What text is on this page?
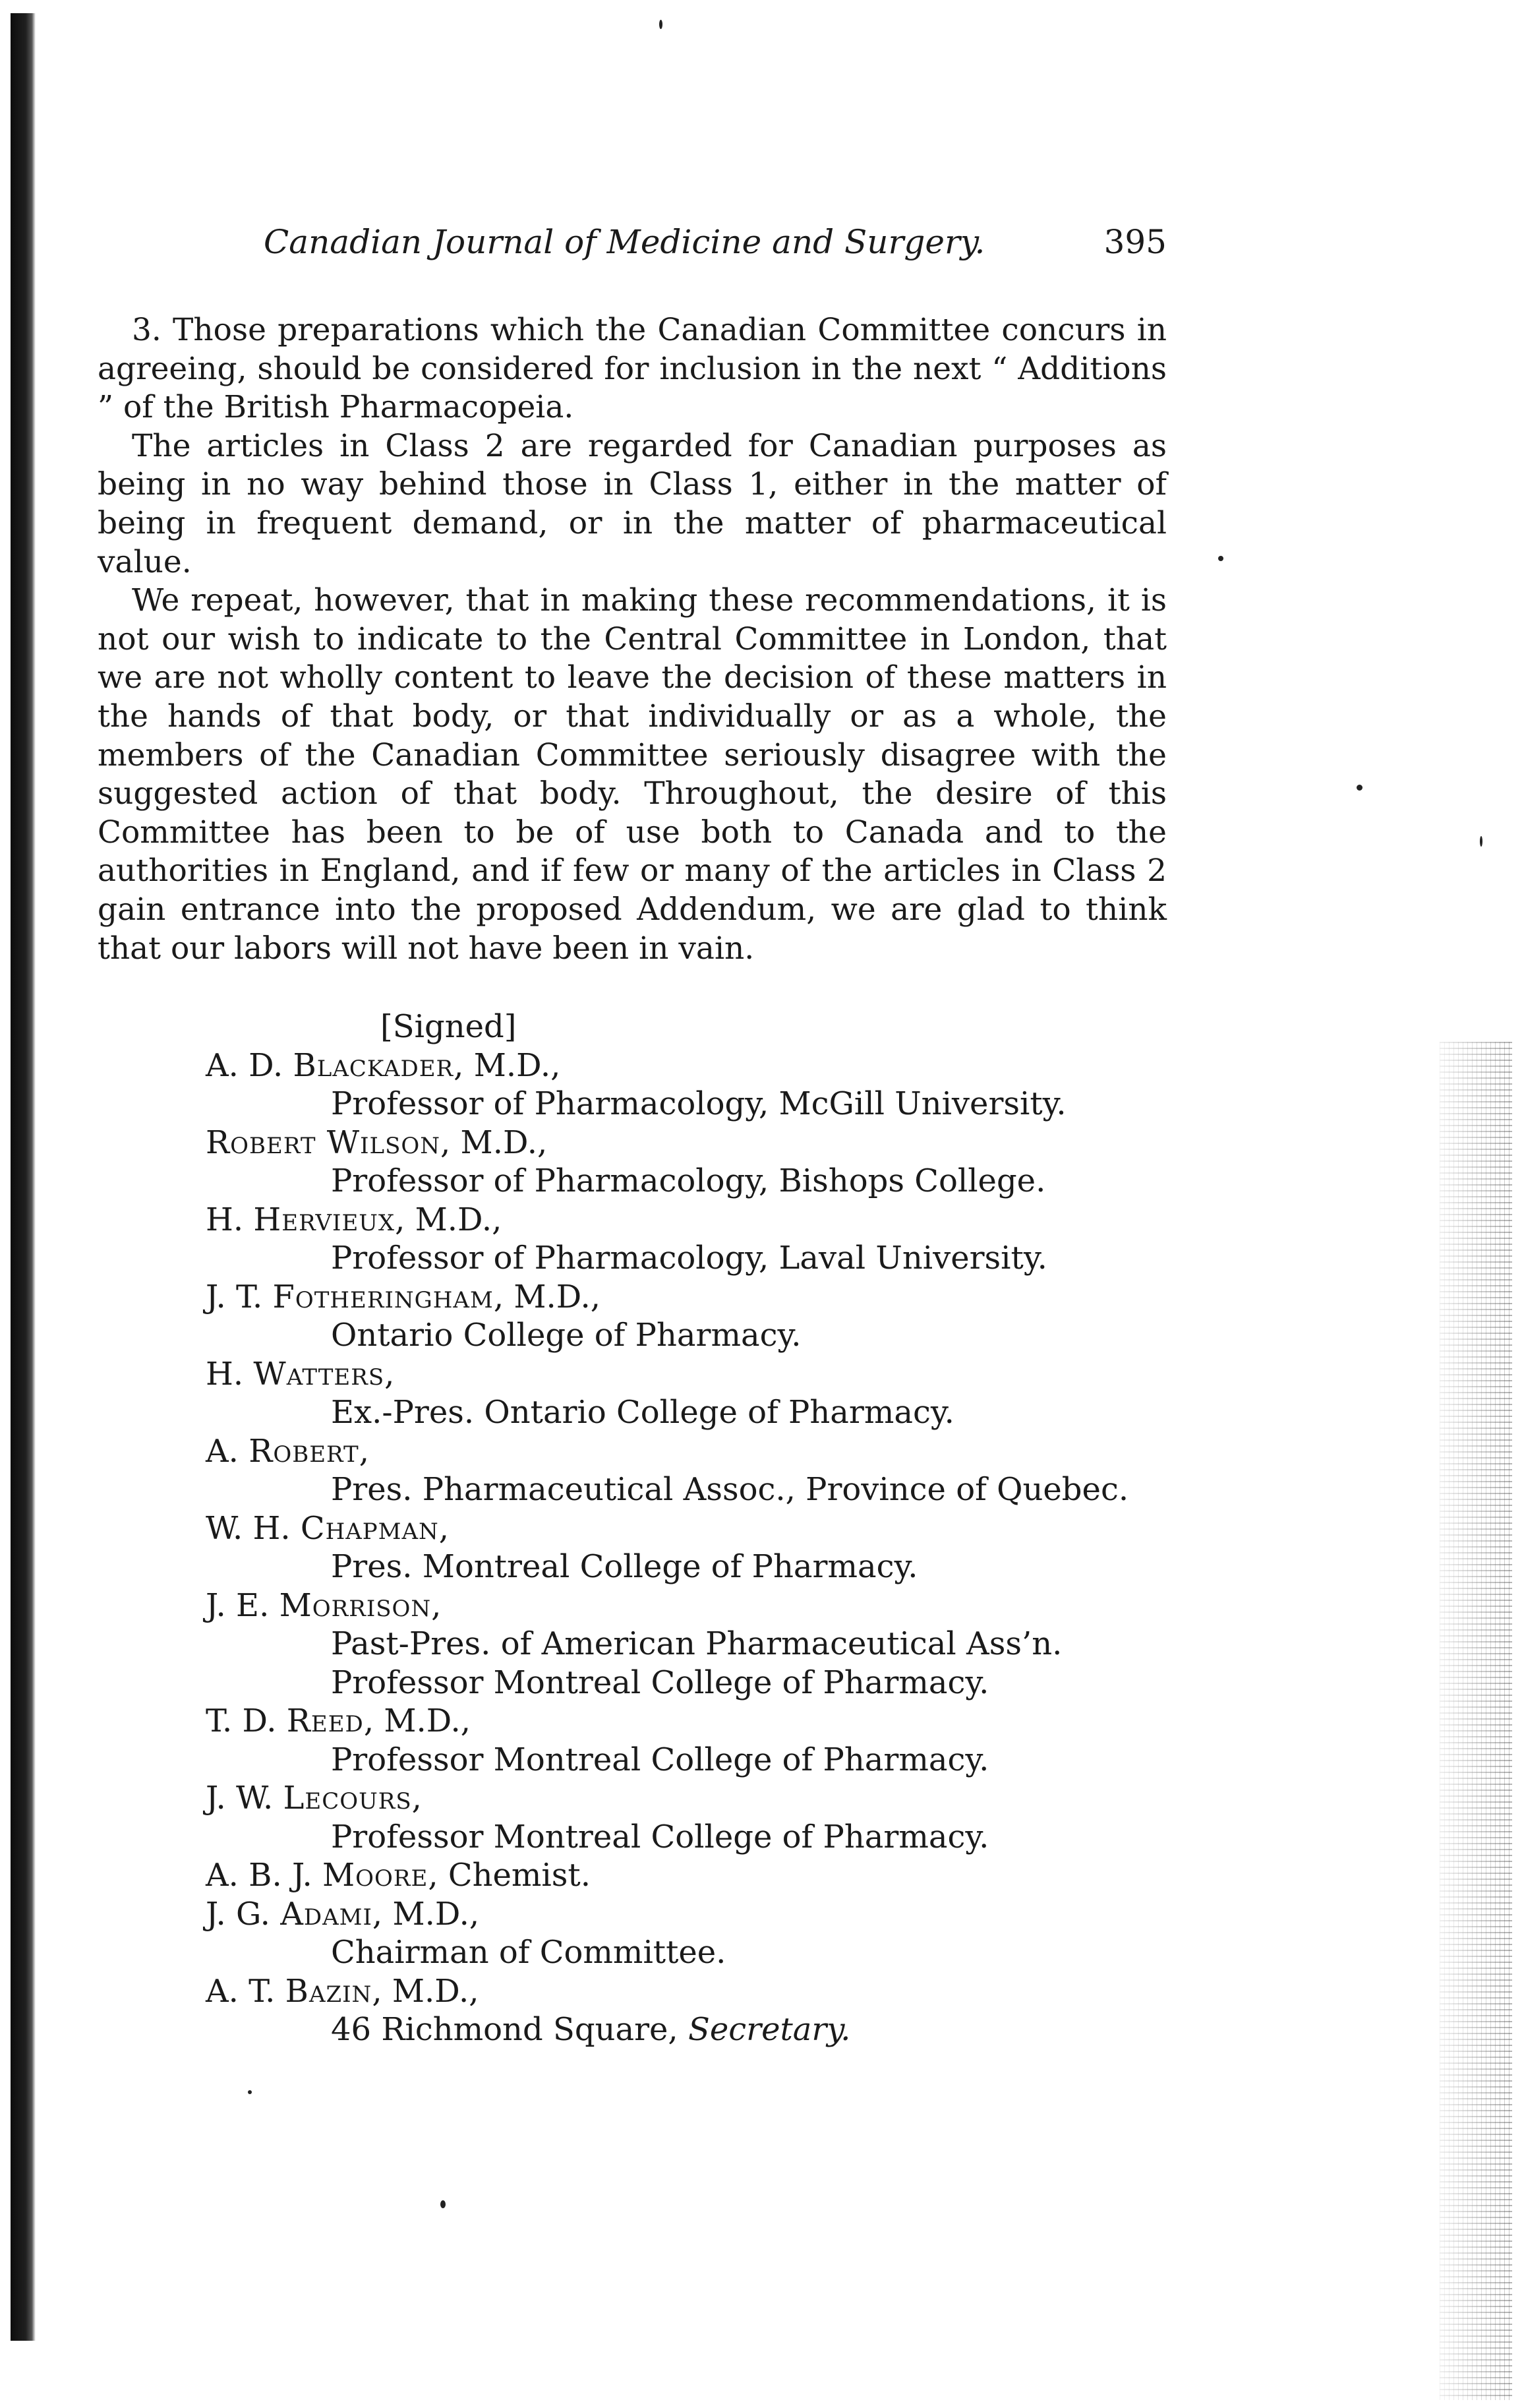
Canadian Journal of Medicine and Surgery.	395

3. Those preparations which the Canadian Committee concurs in agreeing, should be considered for inclusion in the next “ Additions ” of the British Pharmacopeia.

The articles in Class 2 are regarded for Canadian purposes as being in no way behind those in Class 1, either in the matter of being in frequent demand, or in the matter of pharmaceutical value.

We repeat, however, that in making these recommendations, it is not our wish to indicate to the Central Committee in London, that we are not wholly content to leave the decision of these matters in the hands of that body, or that individually or as a whole, the members of the Canadian Committee seriously disagree with the suggested action of that body. Throughout, the desire of this Committee has been to be of use both to Canada and to the authorities in England, and if few or many of the articles in Class 2 gain entrance into the proposed Addendum, we are glad to think that our labors will not have been in vain.

[Signed]
A. D. Blackader, M.D.,
Professor of Pharmacology, McGill University.
Robert Wilson, M.D.,
Professor of Pharmacology, Bishops College.
H. Hervieux, M.D.,
Professor of Pharmacology, Laval University.
J. T. Fotheringham, M.D.,
Ontario College of Pharmacy.
H. Watters,
Ex.-Pres. Ontario College of Pharmacy.
A. Robert,
Pres. Pharmaceutical Assoc., Province of Quebec.
W. H. Chapman,
Pres. Montreal College of Pharmacy.
J. E. Morrison,
Past-Pres. of American Pharmaceutical Ass’n.
Professor Montreal College of Pharmacy.
T. D. Reed, M.D.,
Professor Montreal College of Pharmacy.
J. W. Lecours,
Professor Montreal College of Pharmacy.
A. B. J. Moore, Chemist.
J. G. Adami, M.D.,
Chairman of Committee.
A. T. Bazin, M.D.,
46 Richmond Square, Secretary.
